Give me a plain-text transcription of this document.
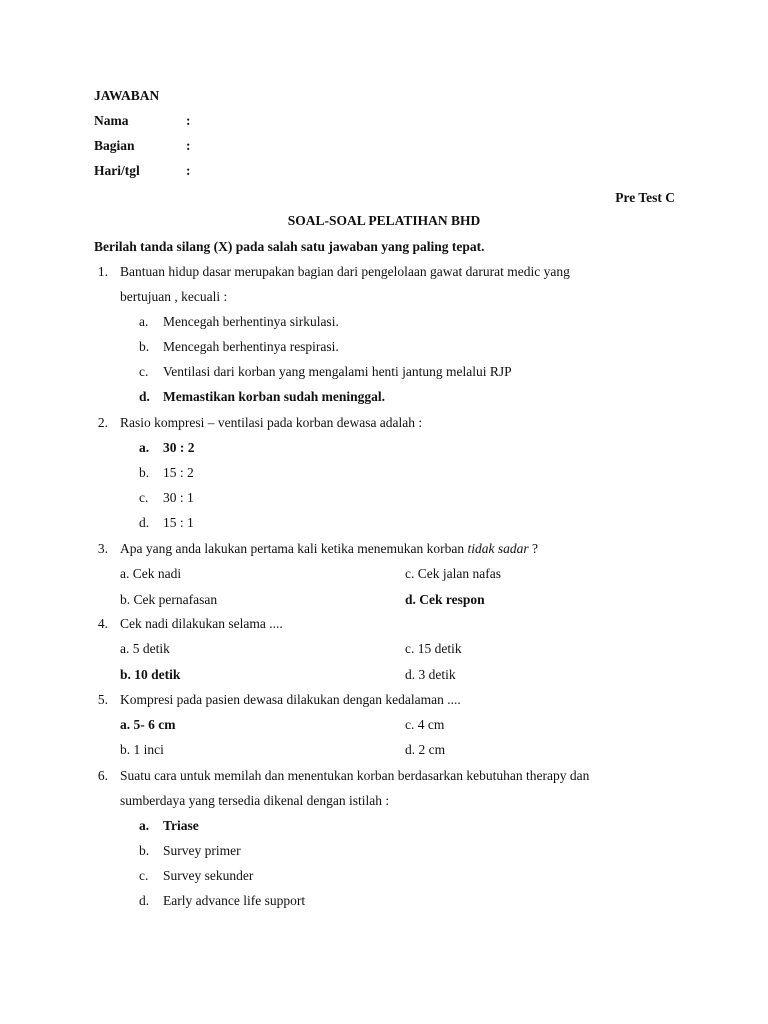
JAWABAN
Nama	:
Bagian	:
Hari/tgl	:
Pre Test C
SOAL-SOAL PELATIHAN BHD
Berilah tanda silang (X) pada salah satu jawaban yang paling tepat.
1. Bantuan hidup dasar merupakan bagian dari pengelolaan gawat darurat medic yang
bertujuan , kecuali :
a. Mencegah berhentinya sirkulasi.
b. Mencegah berhentinya respirasi.
c. Ventilasi dari korban yang mengalami henti jantung melalui RJP
d. Memastikan korban sudah meninggal.
2. Rasio kompresi – ventilasi pada korban dewasa adalah :
a. 30 : 2
b. 15 : 2
c. 30 : 1
d. 15 : 1
3. Apa yang anda lakukan pertama kali ketika menemukan korban tidak sadar ?
a. Cek nadi	c. Cek jalan nafas
b. Cek pernafasan	d. Cek respon
4. Cek nadi dilakukan selama ....
a. 5 detik	c. 15 detik
b. 10 detik	d. 3 detik
5. Kompresi pada pasien dewasa dilakukan dengan kedalaman ....
a. 5- 6 cm	c. 4 cm
b. 1 inci	d. 2 cm
6. Suatu cara untuk memilah dan menentukan korban berdasarkan kebutuhan therapy dan
sumberdaya yang tersedia dikenal dengan istilah :
a. Triase
b. Survey primer
c. Survey sekunder
d. Early advance life support
